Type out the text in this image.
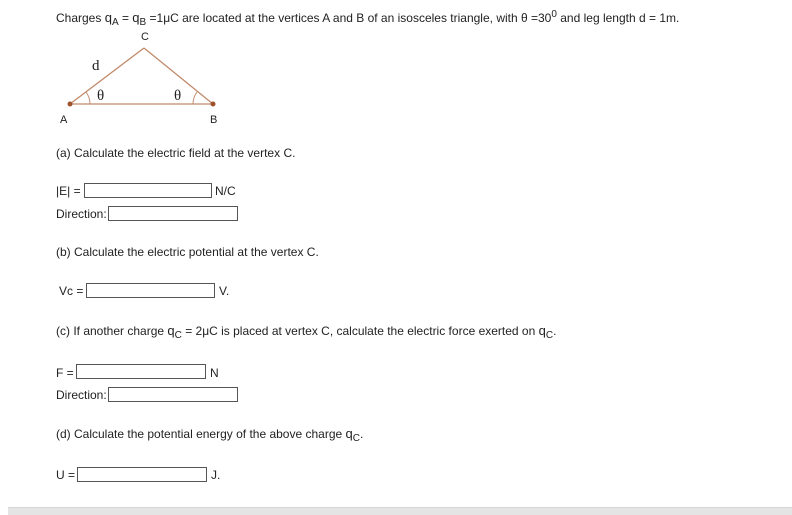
Charges $q_A = q_B =1\mu C$ are located at the vertices A and B of an isosceles triangle, with $\theta =30^0$ and leg length d = 1m.
C
A	B
d
θ	θ
(a) Calculate the electric field at the vertex C.
|E| =	N/C
Direction:
(b) Calculate the electric potential at the vertex C.
Vc =	V.
(c) If another charge $q_C = 2\mu C$ is placed at vertex C, calculate the electric force exerted on $q_C$.
F =	N
Direction:
(d) Calculate the potential energy of the above charge $q_C$.
U =	J.
